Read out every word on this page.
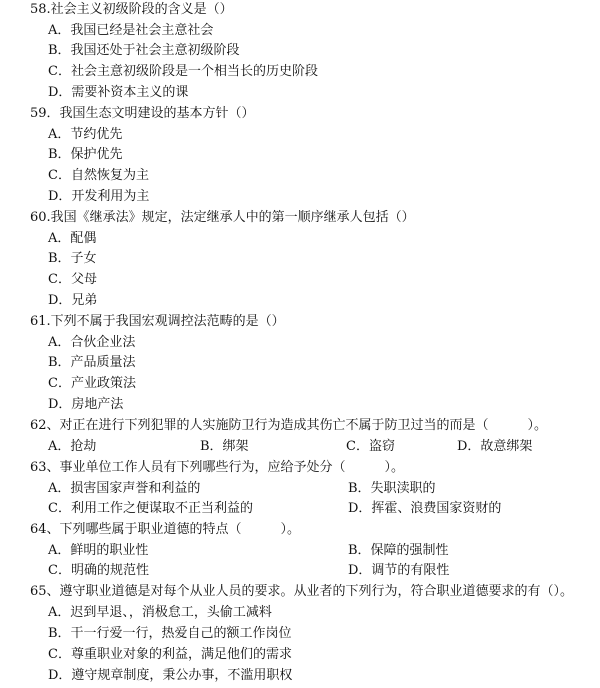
58.社会主义初级阶段的含义是（）
A．我国已经是社会主意社会
B．我国还处于社会主意初级阶段
C．社会主意初级阶段是一个相当长的历史阶段
D．需要补资本主义的课
59．我国生态文明建设的基本方针（）
A．节约优先
B．保护优先
C．自然恢复为主
D．开发利用为主
60.我国《继承法》规定，法定继承人中的第一顺序继承人包括（）
A．配偶
B．子女
C．父母
D．兄弟
61.下列不属于我国宏观调控法范畴的是（）
A．合伙企业法
B．产品质量法
C．产业政策法
D．房地产法
62、对正在进行下列犯罪的人实施防卫行为造成其伤亡不属于防卫过当的而是（　　　）。
A．抢劫	B．绑架	C．盗窃	D．故意绑架
63、事业单位工作人员有下列哪些行为，应给予处分（　　　）。
A．损害国家声誉和利益的	B．失职渎职的
C．利用工作之便谋取不正当利益的	D．挥霍、浪费国家资财的
64、下列哪些属于职业道德的特点（　　　）。
A．鲜明的职业性	B．保障的强制性
C．明确的规范性	D．调节的有限性
65、遵守职业道德是对每个从业人员的要求。从业者的下列行为，符合职业道德要求的有（）。
A．迟到早退、，消极怠工，头偷工减料
B．干一行爱一行，热爱自己的额工作岗位
C．尊重职业对象的利益，满足他们的需求
D．遵守规章制度，秉公办事，不滥用职权
